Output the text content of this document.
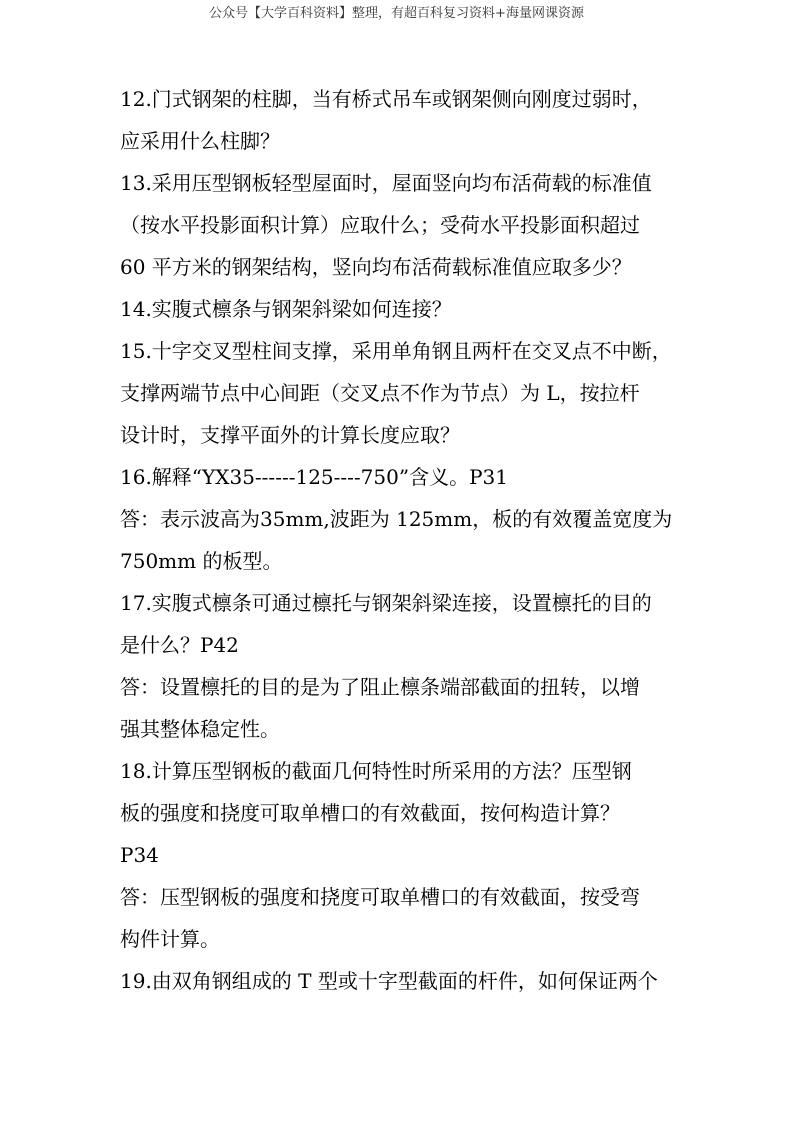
公众号【大学百科资料】整理，有超百科复习资料+海量网课资源
12.门式钢架的柱脚，当有桥式吊车或钢架侧向刚度过弱时，
应采用什么柱脚？
13.采用压型钢板轻型屋面时，屋面竖向均布活荷载的标准值
（按水平投影面积计算）应取什么；受荷水平投影面积超过
60 平方米的钢架结构，竖向均布活荷载标准值应取多少？
14.实腹式檩条与钢架斜梁如何连接？
15.十字交叉型柱间支撑，采用单角钢且两杆在交叉点不中断，
支撑两端节点中心间距（交叉点不作为节点）为 L，按拉杆
设计时，支撑平面外的计算长度应取？
16.解释“YX35------125----750”含义。P31
答：表示波高为35mm,波距为 125mm，板的有效覆盖宽度为
750mm 的板型。
17.实腹式檩条可通过檩托与钢架斜梁连接，设置檩托的目的
是什么？P42
答：设置檩托的目的是为了阻止檩条端部截面的扭转，以增
强其整体稳定性。
18.计算压型钢板的截面几何特性时所采用的方法？压型钢
板的强度和挠度可取单槽口的有效截面，按何构造计算？
P34
答：压型钢板的强度和挠度可取单槽口的有效截面，按受弯
构件计算。
19.由双角钢组成的 T 型或十字型截面的杆件，如何保证两个
